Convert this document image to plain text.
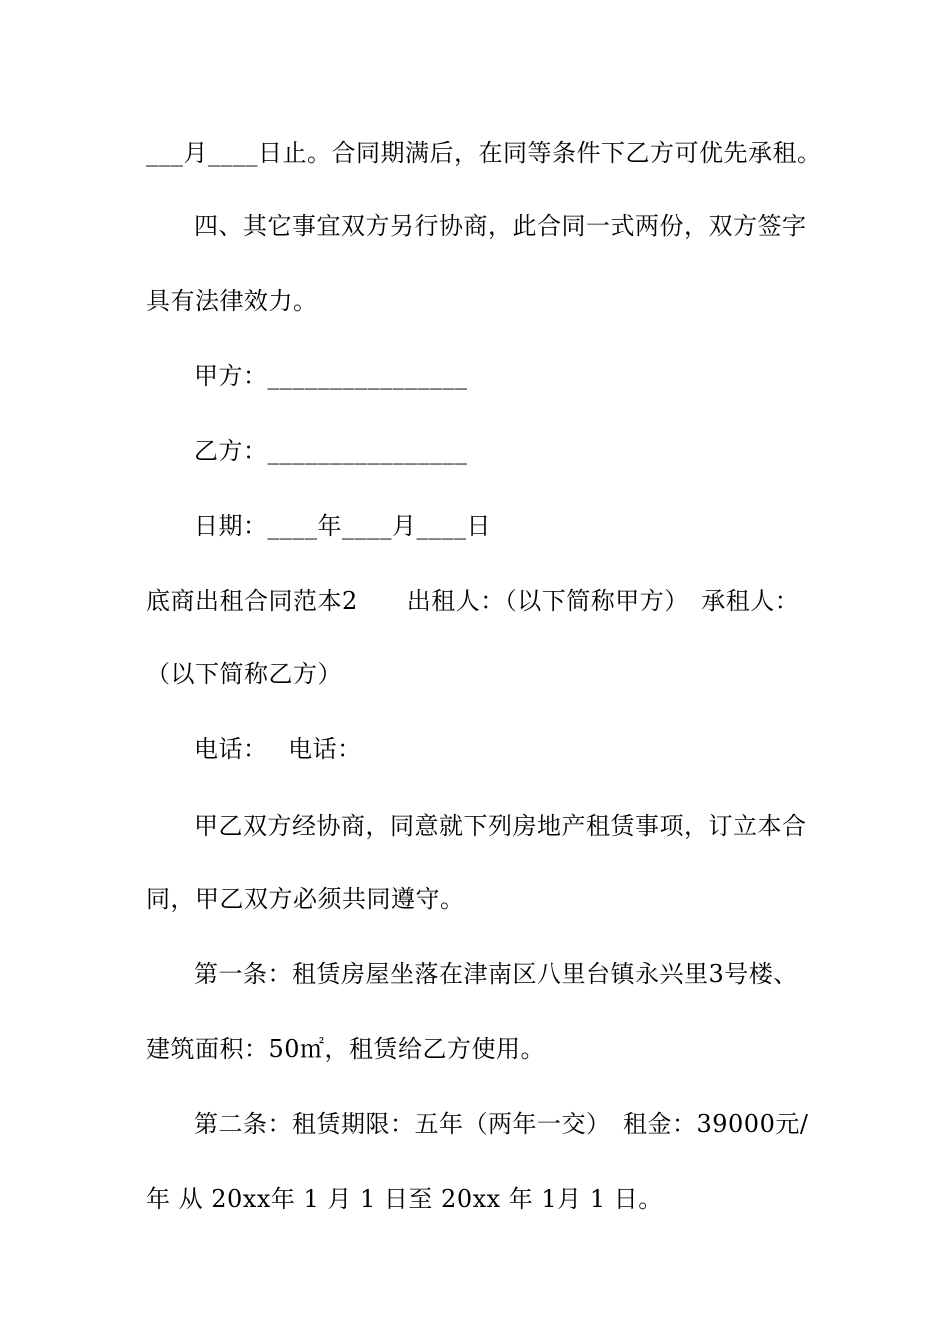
___月____日止。合同期满后，在同等条件下乙方可优先承租。
四、其它事宜双方另行协商，此合同一式两份，双方签字
具有法律效力。
甲方：________________
乙方：________________
日期：____年____月____日
底商出租合同范本2　　出租人：（以下简称甲方）　承租人：
（以下简称乙方）
电话：　 电话：
甲乙双方经协商，同意就下列房地产租赁事项，订立本合
同，甲乙双方必须共同遵守。
第一条：租赁房屋坐落在津南区八里台镇永兴里3号楼、
建筑面积：50㎡，租赁给乙方使用。
第二条：租赁期限：五年（两年一交）　租金：39000元/
年 从 20xx年 1 月 1 日至 20xx 年 1月 1 日。
